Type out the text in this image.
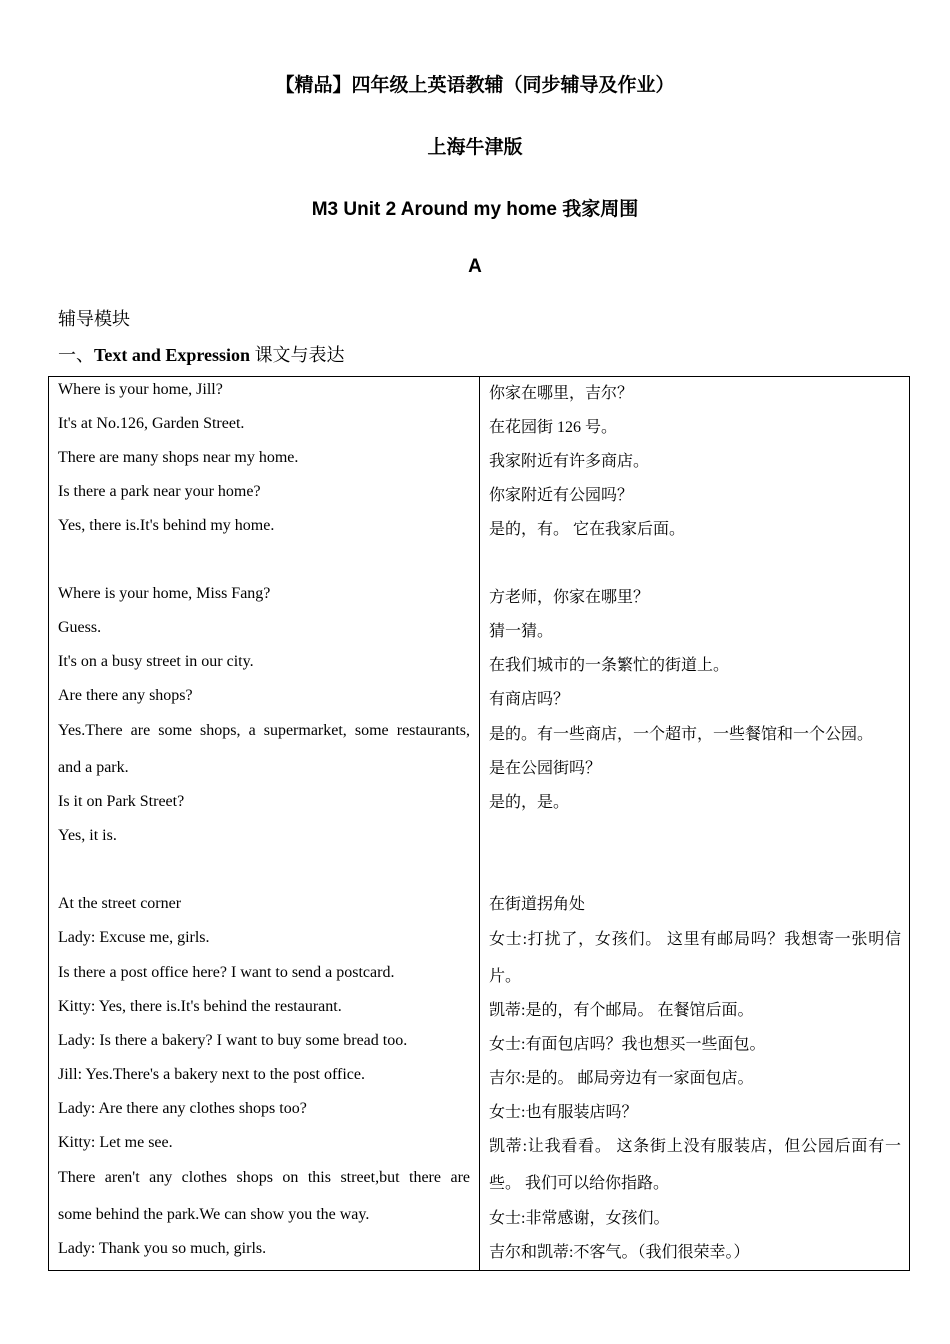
【精品】四年级上英语教辅（同步辅导及作业）
上海牛津版
M3 Unit 2 Around my home 我家周围
A
辅导模块
一、Text and Expression 课文与表达
Where is your home, Jill?
It's at No.126, Garden Street.
There are many shops near my home.
Is there a park near your home?
Yes, there is.It's behind my home.
Where is your home, Miss Fang?
Guess.
It's on a busy street in our city.
Are there any shops?
Yes.There are some shops, a supermarket, some restaurants,
and a park.
Is it on Park Street?
Yes, it is.
At the street corner
Lady: Excuse me, girls.
Is there a post office here? I want to send a postcard.
Kitty: Yes, there is.It's behind the restaurant.
Lady: Is there a bakery? I want to buy some bread too.
Jill: Yes.There's a bakery next to the post office.
Lady: Are there any clothes shops too?
Kitty: Let me see.
There aren't any clothes shops on this street,but there are
some behind the park.We can show you the way.
Lady: Thank you so much, girls.
你家在哪里，吉尔？
在花园街 126 号。
我家附近有许多商店。
你家附近有公园吗？
是的，有。 它在我家后面。
方老师，你家在哪里？
猜一猜。
在我们城市的一条繁忙的街道上。
有商店吗？
是的。有一些商店，一个超市，一些餐馆和一个公园。
是在公园街吗？
是的，是。
在街道拐角处
女士:打扰了，女孩们。 这里有邮局吗？我想寄一张明信
片。
凯蒂:是的，有个邮局。 在餐馆后面。
女士:有面包店吗？我也想买一些面包。
吉尔:是的。 邮局旁边有一家面包店。
女士:也有服装店吗？
凯蒂:让我看看。 这条街上没有服装店，但公园后面有一
些。 我们可以给你指路。
女士:非常感谢，女孩们。
吉尔和凯蒂:不客气。（我们很荣幸。）
